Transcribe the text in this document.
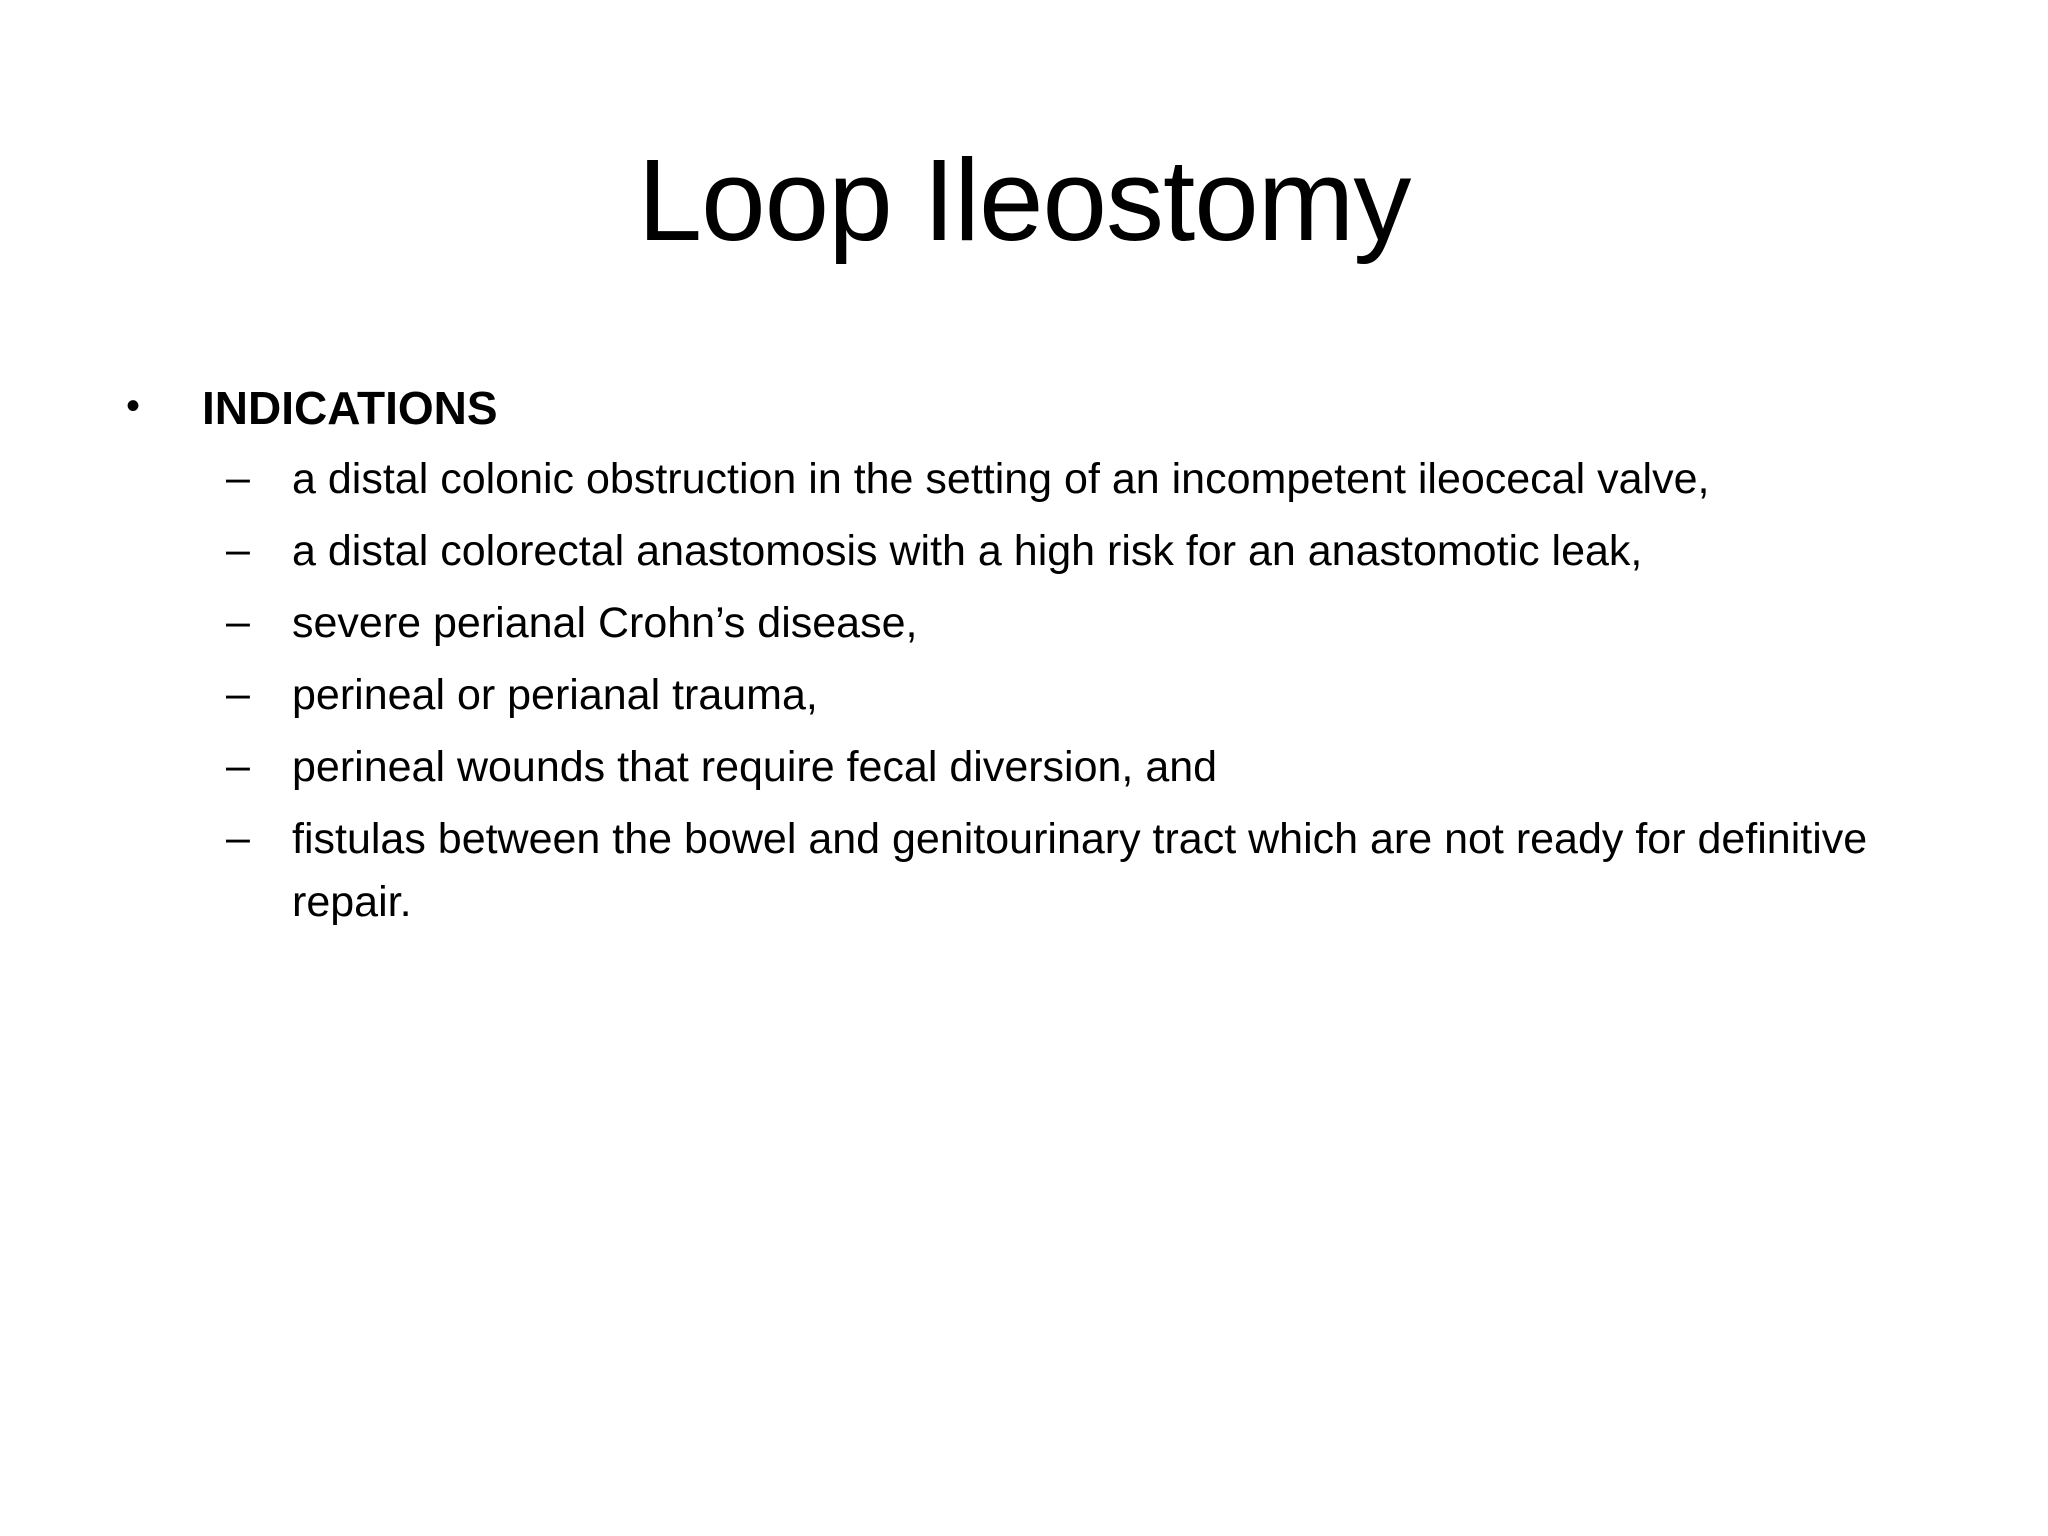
Loop Ileostomy
• INDICATIONS
– a distal colonic obstruction in the setting of an incompetent ileocecal valve,
– a distal colorectal anastomosis with a high risk for an anastomotic leak,
– severe perianal Crohn’s disease,
– perineal or perianal trauma,
– perineal wounds that require fecal diversion, and
– fistulas between the bowel and genitourinary tract which are not ready for definitive repair.
